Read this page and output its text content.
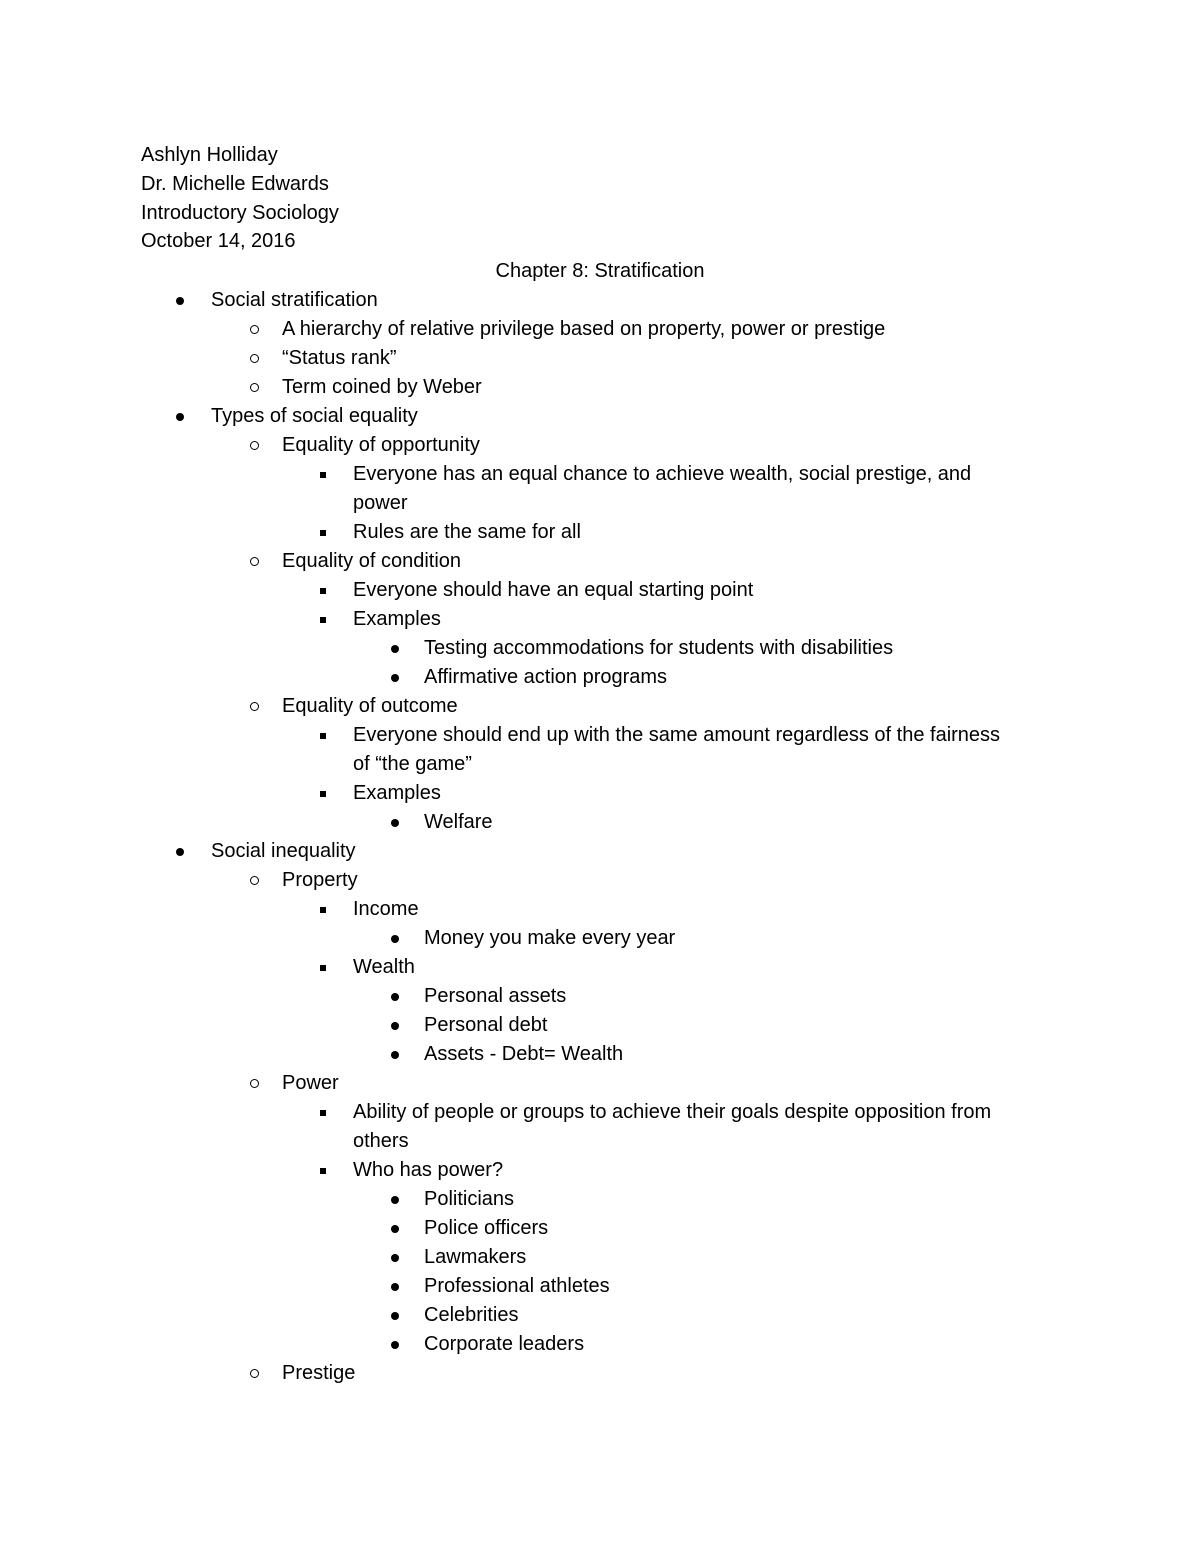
Ashlyn Holliday
Dr. Michelle Edwards
Introductory Sociology
October 14, 2016
Chapter 8: Stratification
Social stratification
A hierarchy of relative privilege based on property, power or prestige
“Status rank”
Term coined by Weber
Types of social equality
Equality of opportunity
Everyone has an equal chance to achieve wealth, social prestige, and
power
Rules are the same for all
Equality of condition
Everyone should have an equal starting point
Examples
Testing accommodations for students with disabilities
Affirmative action programs
Equality of outcome
Everyone should end up with the same amount regardless of the fairness
of “the game”
Examples
Welfare
Social inequality
Property
Income
Money you make every year
Wealth
Personal assets
Personal debt
Assets - Debt= Wealth
Power
Ability of people or groups to achieve their goals despite opposition from
others
Who has power?
Politicians
Police officers
Lawmakers
Professional athletes
Celebrities
Corporate leaders
Prestige
